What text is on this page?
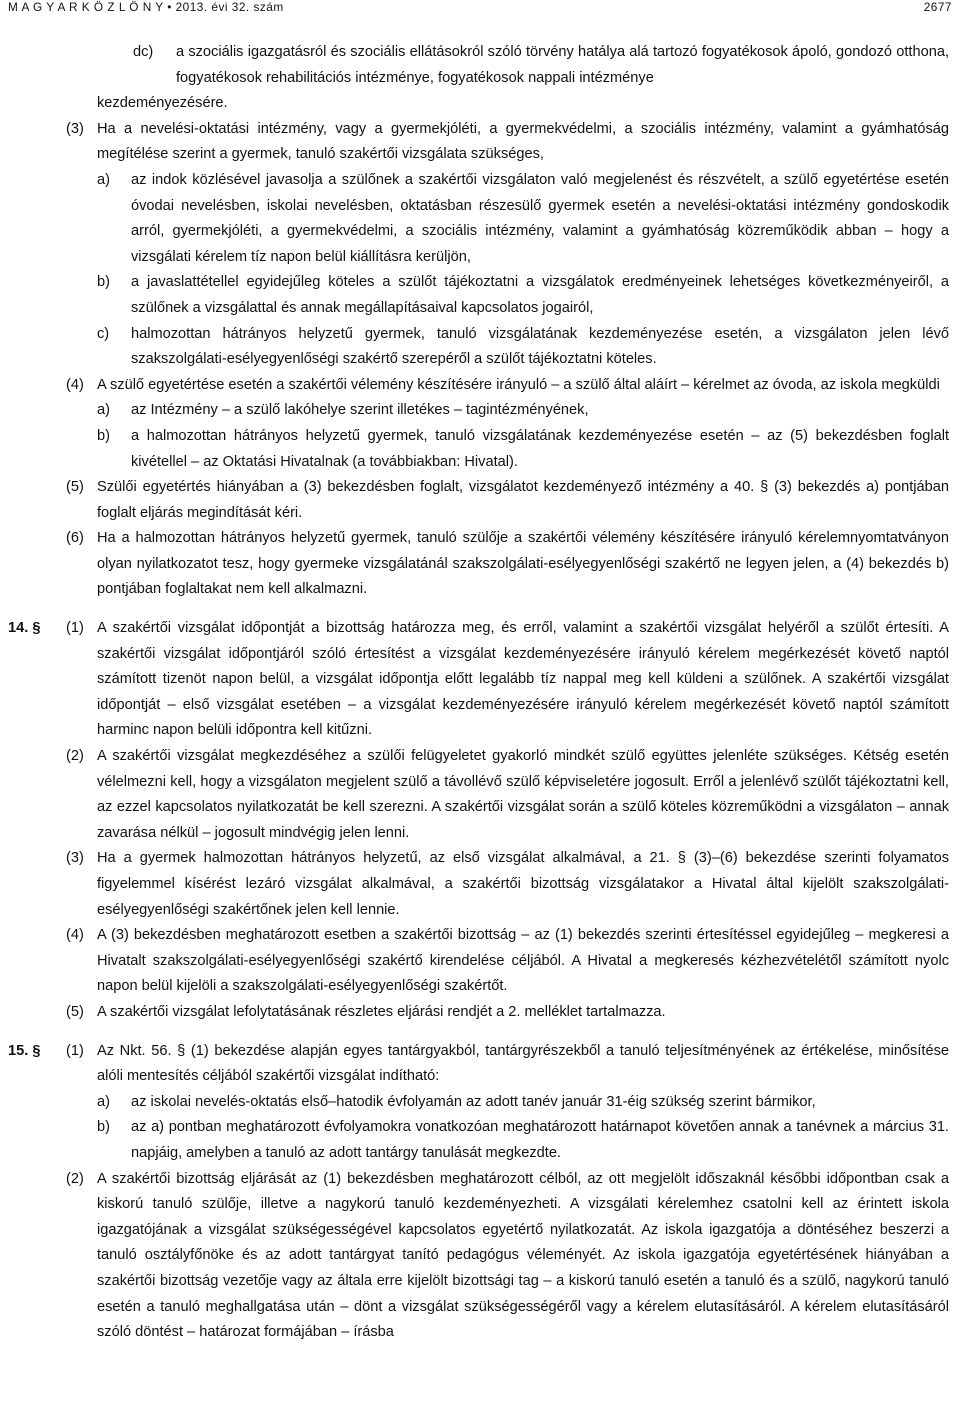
M A G Y A R K Ö Z L Ö N Y • 2013. évi 32. szám	2677
dc) a szociális igazgatásról és szociális ellátásokról szóló törvény hatálya alá tartozó fogyatékosok ápoló, gondozó otthona, fogyatékosok rehabilitációs intézménye, fogyatékosok nappali intézménye
kezdeményezésére.
(3) Ha a nevelési-oktatási intézmény, vagy a gyermekjóléti, a gyermekvédelmi, a szociális intézmény, valamint a gyámhatóság megítélése szerint a gyermek, tanuló szakértői vizsgálata szükséges,
a) az indok közlésével javasolja a szülőnek a szakértői vizsgálaton való megjelenést és részvételt, a szülő egyetértése esetén óvodai nevelésben, iskolai nevelésben, oktatásban részesülő gyermek esetén a nevelési-oktatási intézmény gondoskodik arról, gyermekjóléti, a gyermekvédelmi, a szociális intézmény, valamint a gyámhatóság közreműködik abban – hogy a vizsgálati kérelem tíz napon belül kiállításra kerüljön,
b) a javaslattétellel egyidejűleg köteles a szülőt tájékoztatni a vizsgálatok eredményeinek lehetséges következményeiről, a szülőnek a vizsgálattal és annak megállapításaival kapcsolatos jogairól,
c) halmozottan hátrányos helyzetű gyermek, tanuló vizsgálatának kezdeményezése esetén, a vizsgálaton jelen lévő szakszolgálati-esélyegyenlőségi szakértő szerepéről a szülőt tájékoztatni köteles.
(4) A szülő egyetértése esetén a szakértői vélemény készítésére irányuló – a szülő által aláírt – kérelmet az óvoda, az iskola megküldi
a) az Intézmény – a szülő lakóhelye szerint illetékes – tagintézményének,
b) a halmozottan hátrányos helyzetű gyermek, tanuló vizsgálatának kezdeményezése esetén – az (5) bekezdésben foglalt kivétellel – az Oktatási Hivatalnak (a továbbiakban: Hivatal).
(5) Szülői egyetértés hiányában a (3) bekezdésben foglalt, vizsgálatot kezdeményező intézmény a 40. § (3) bekezdés a) pontjában foglalt eljárás megindítását kéri.
(6) Ha a halmozottan hátrányos helyzetű gyermek, tanuló szülője a szakértői vélemény készítésére irányuló kérelemnyomtatványon olyan nyilatkozatot tesz, hogy gyermeke vizsgálatánál szakszolgálati-esélyegyenlőségi szakértő ne legyen jelen, a (4) bekezdés b) pontjában foglaltakat nem kell alkalmazni.
14. § (1) A szakértői vizsgálat időpontját a bizottság határozza meg, és erről, valamint a szakértői vizsgálat helyéről a szülőt értesíti. A szakértői vizsgálat időpontjáról szóló értesítést a vizsgálat kezdeményezésére irányuló kérelem megérkezését követő naptól számított tizenöt napon belül, a vizsgálat időpontja előtt legalább tíz nappal meg kell küldeni a szülőnek. A szakértői vizsgálat időpontját – első vizsgálat esetében – a vizsgálat kezdeményezésére irányuló kérelem megérkezését követő naptól számított harminc napon belüli időpontra kell kitűzni.
(2) A szakértői vizsgálat megkezdéséhez a szülői felügyeletet gyakorló mindkét szülő együttes jelenléte szükséges. Kétség esetén vélelmezni kell, hogy a vizsgálaton megjelent szülő a távollévő szülő képviseletére jogosult. Erről a jelenlévő szülőt tájékoztatni kell, az ezzel kapcsolatos nyilatkozatát be kell szerezni. A szakértői vizsgálat során a szülő köteles közreműködni a vizsgálaton – annak zavarása nélkül – jogosult mindvégig jelen lenni.
(3) Ha a gyermek halmozottan hátrányos helyzetű, az első vizsgálat alkalmával, a 21. § (3)–(6) bekezdése szerinti folyamatos figyelemmel kísérést lezáró vizsgálat alkalmával, a szakértői bizottság vizsgálatakor a Hivatal által kijelölt szakszolgálati-esélyegyenlőségi szakértőnek jelen kell lennie.
(4) A (3) bekezdésben meghatározott esetben a szakértői bizottság – az (1) bekezdés szerinti értesítéssel egyidejűleg – megkeresi a Hivatalt szakszolgálati-esélyegyenlőségi szakértő kirendelése céljából. A Hivatal a megkeresés kézhezvételétől számított nyolc napon belül kijelöli a szakszolgálati-esélyegyenlőségi szakértőt.
(5) A szakértői vizsgálat lefolytatásának részletes eljárási rendjét a 2. melléklet tartalmazza.
15. § (1) Az Nkt. 56. § (1) bekezdése alapján egyes tantárgyakból, tantárgyrészekből a tanuló teljesítményének az értékelése, minősítése alóli mentesítés céljából szakértői vizsgálat indítható:
a) az iskolai nevelés-oktatás első–hatodik évfolyamán az adott tanév január 31-éig szükség szerint bármikor,
b) az a) pontban meghatározott évfolyamokra vonatkozóan meghatározott határnapot követően annak a tanévnek a március 31. napjáig, amelyben a tanuló az adott tantárgy tanulását megkezdte.
(2) A szakértői bizottság eljárását az (1) bekezdésben meghatározott célból, az ott megjelölt időszaknál későbbi időpontban csak a kiskorú tanuló szülője, illetve a nagykorú tanuló kezdeményezheti. A vizsgálati kérelemhez csatolni kell az érintett iskola igazgatójának a vizsgálat szükségességével kapcsolatos egyetértő nyilatkozatát. Az iskola igazgatója a döntéséhez beszerzi a tanuló osztályfőnöke és az adott tantárgyat tanító pedagógus véleményét. Az iskola igazgatója egyetértésének hiányában a szakértői bizottság vezetője vagy az általa erre kijelölt bizottsági tag – a kiskorú tanuló esetén a tanuló és a szülő, nagykorú tanuló esetén a tanuló meghallgatása után – dönt a vizsgálat szükségességéről vagy a kérelem elutasításáról. A kérelem elutasításáról szóló döntést – határozat formájában – írásba
